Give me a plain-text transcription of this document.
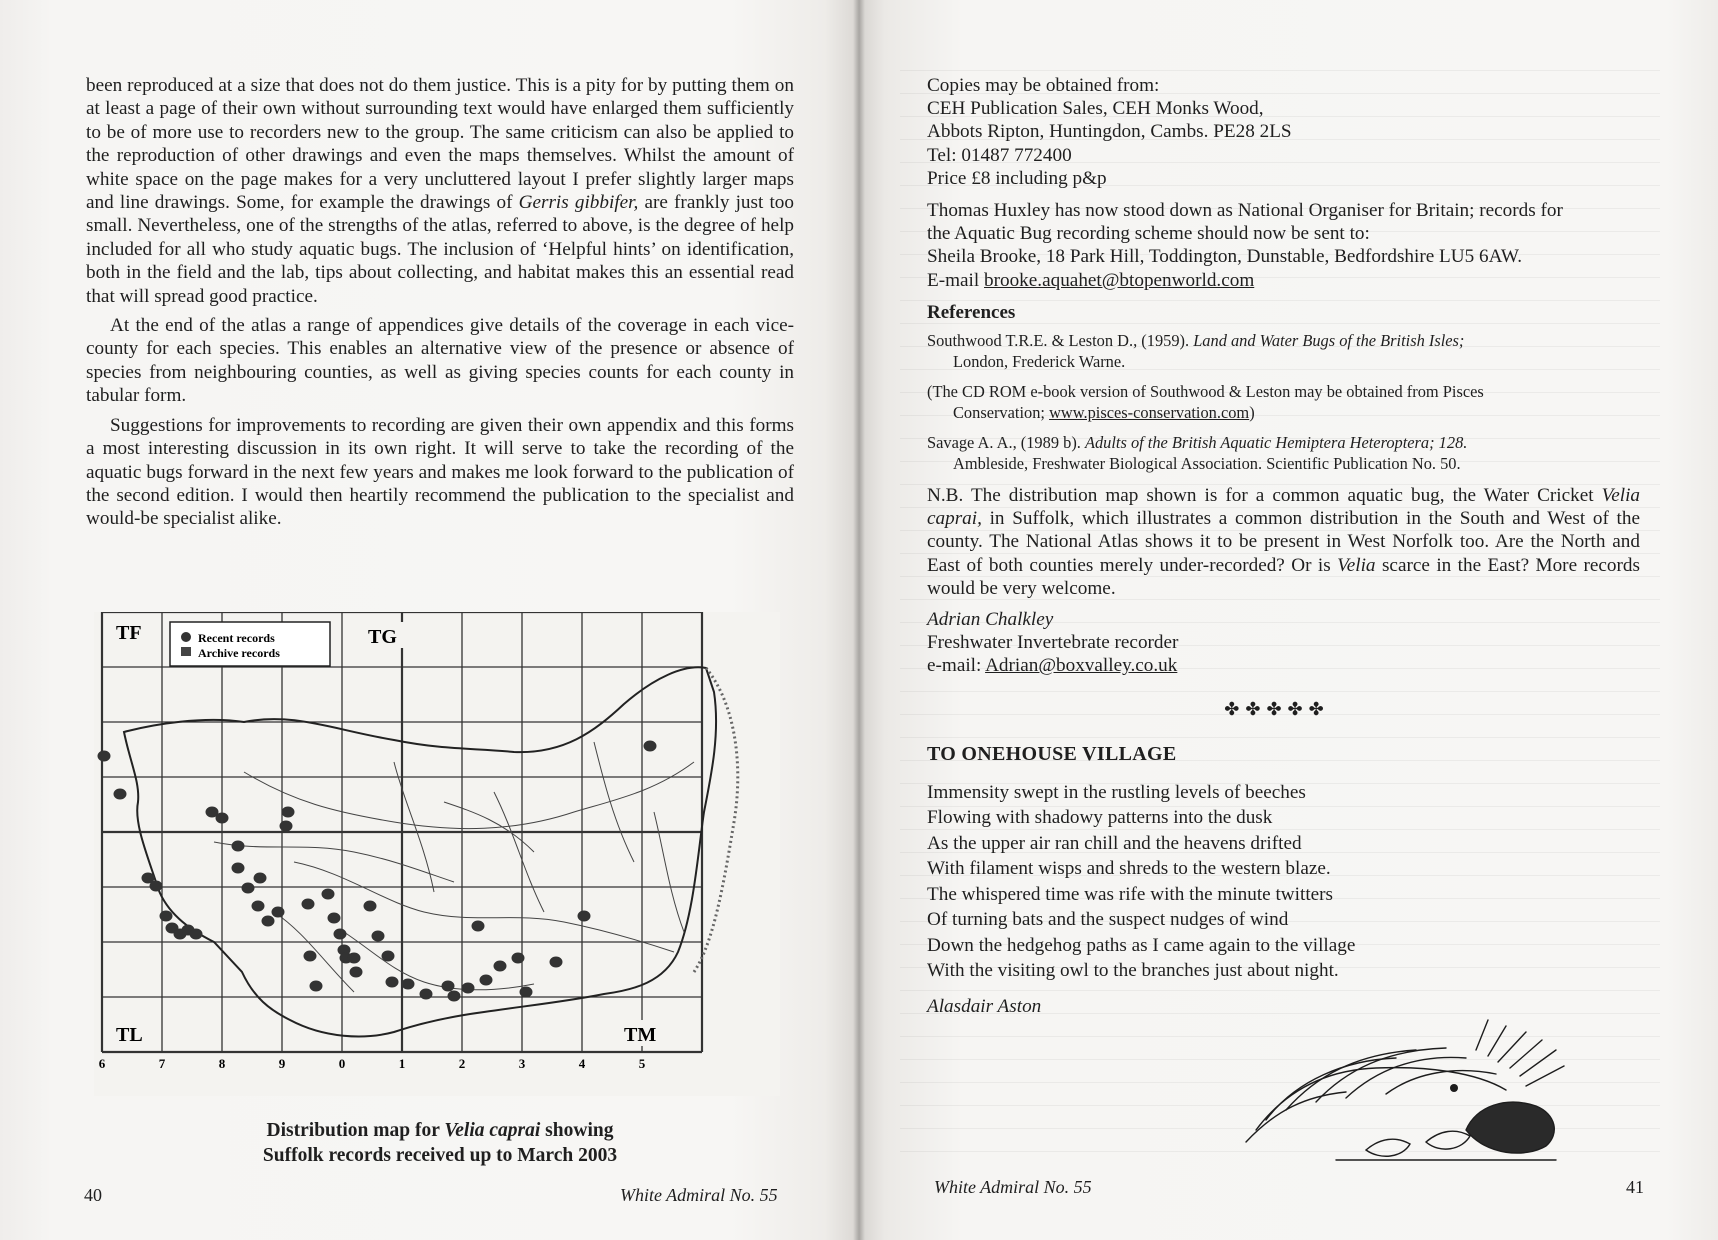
been reproduced at a size that does not do them justice. This is a pity for by putting them on at least a page of their own without surrounding text would have enlarged them sufficiently to be of more use to recorders new to the group. The same criticism can also be applied to the reproduction of other drawings and even the maps themselves. Whilst the amount of white space on the page makes for a very uncluttered layout I prefer slightly larger maps and line drawings. Some, for example the drawings of Gerris gibbifer, are frankly just too small. Nevertheless, one of the strengths of the atlas, referred to above, is the degree of help included for all who study aquatic bugs. The inclusion of ‘Helpful hints’ on identification, both in the field and the lab, tips about collecting, and habitat makes this an essential read that will spread good practice.

At the end of the atlas a range of appendices give details of the coverage in each vice-county for each species. This enables an alternative view of the presence or absence of species from neighbouring counties, as well as giving species counts for each county in tabular form.

Suggestions for improvements to recording are given their own appendix and this forms a most interesting discussion in its own right. It will serve to take the recording of the aquatic bugs forward in the next few years and makes me look forward to the publication of the second edition. I would then heartily recommend the publication to the specialist and would-be specialist alike.

Recent records
Archive records
TF	TG
TL	TM
6	7	8	9	0	1	2	3	4	5
Distribution map for Velia caprai showing
Suffolk records received up to March 2003
40	White Admiral No. 55
Copies may be obtained from:
CEH Publication Sales, CEH Monks Wood,
Abbots Ripton, Huntingdon, Cambs. PE28 2LS
Tel: 01487 772400
Price £8 including p&p
Thomas Huxley has now stood down as National Organiser for Britain; records for
the Aquatic Bug recording scheme should now be sent to:
Sheila Brooke, 18 Park Hill, Toddington, Dunstable, Bedfordshire LU5 6AW.
E-mail brooke.aquahet@btopenworld.com
References
Southwood T.R.E. & Leston D., (1959). Land and Water Bugs of the British Isles;
London, Frederick Warne.
(The CD ROM e-book version of Southwood & Leston may be obtained from Pisces
Conservation; www.pisces-conservation.com)
Savage A. A., (1989 b). Adults of the British Aquatic Hemiptera Heteroptera; 128.
Ambleside, Freshwater Biological Association. Scientific Publication No. 50.
N.B. The distribution map shown is for a common aquatic bug, the Water Cricket Velia caprai, in Suffolk, which illustrates a common distribution in the South and West of the county. The National Atlas shows it to be present in West Norfolk too. Are the North and East of both counties merely under-recorded? Or is Velia scarce in the East? More records would be very welcome.
Adrian Chalkley
Freshwater Invertebrate recorder
e-mail: Adrian@boxvalley.co.uk
✤✤✤✤✤
TO ONEHOUSE VILLAGE
Immensity swept in the rustling levels of beeches
Flowing with shadowy patterns into the dusk
As the upper air ran chill and the heavens drifted
With filament wisps and shreds to the western blaze.
The whispered time was rife with the minute twitters
Of turning bats and the suspect nudges of wind
Down the hedgehog paths as I came again to the village
With the visiting owl to the branches just about night.
Alasdair Aston
White Admiral No. 55	41
